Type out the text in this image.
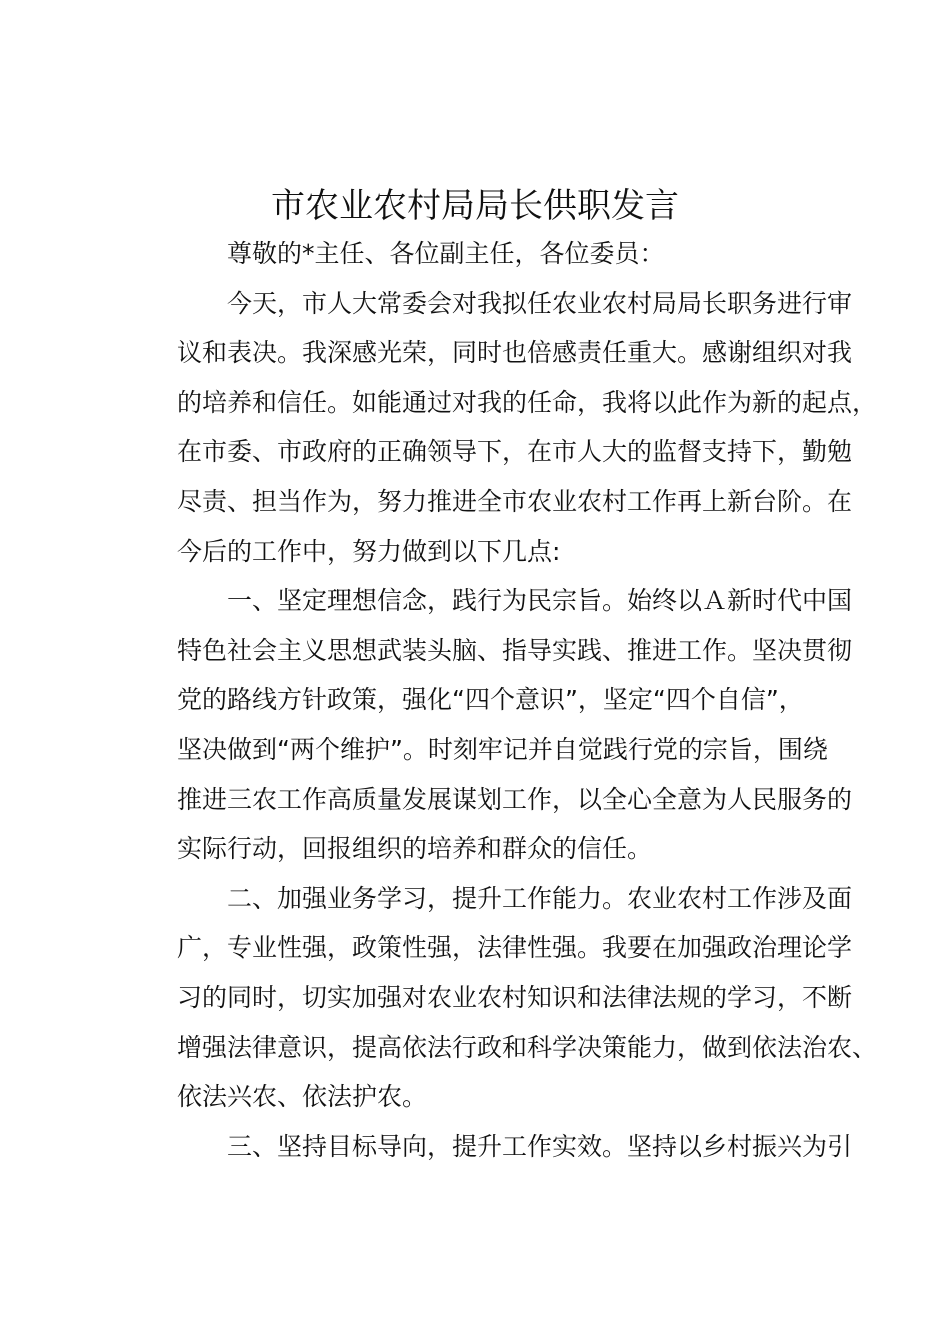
市农业农村局局长供职发言
尊敬的*主任、各位副主任，各位委员：
今天，市人大常委会对我拟任农业农村局局长职务进行审
议和表决。我深感光荣，同时也倍感责任重大。感谢组织对我
的培养和信任。如能通过对我的任命，我将以此作为新的起点，
在市委、市政府的正确领导下，在市人大的监督支持下，勤勉
尽责、担当作为，努力推进全市农业农村工作再上新台阶。在
今后的工作中，努力做到以下几点:
一、坚定理想信念，践行为民宗旨。始终以Ａ新时代中国
特色社会主义思想武装头脑、指导实践、推进工作。坚决贯彻
党的路线方针政策，强化“四个意识”，坚定“四个自信”，
坚决做到“两个维护”。时刻牢记并自觉践行党的宗旨，围绕
推进三农工作高质量发展谋划工作，以全心全意为人民服务的
实际行动，回报组织的培养和群众的信任。
二、加强业务学习，提升工作能力。农业农村工作涉及面
广，专业性强，政策性强，法律性强。我要在加强政治理论学
习的同时，切实加强对农业农村知识和法律法规的学习，不断
增强法律意识，提高依法行政和科学决策能力，做到依法治农、
依法兴农、依法护农。
三、坚持目标导向，提升工作实效。坚持以乡村振兴为引
